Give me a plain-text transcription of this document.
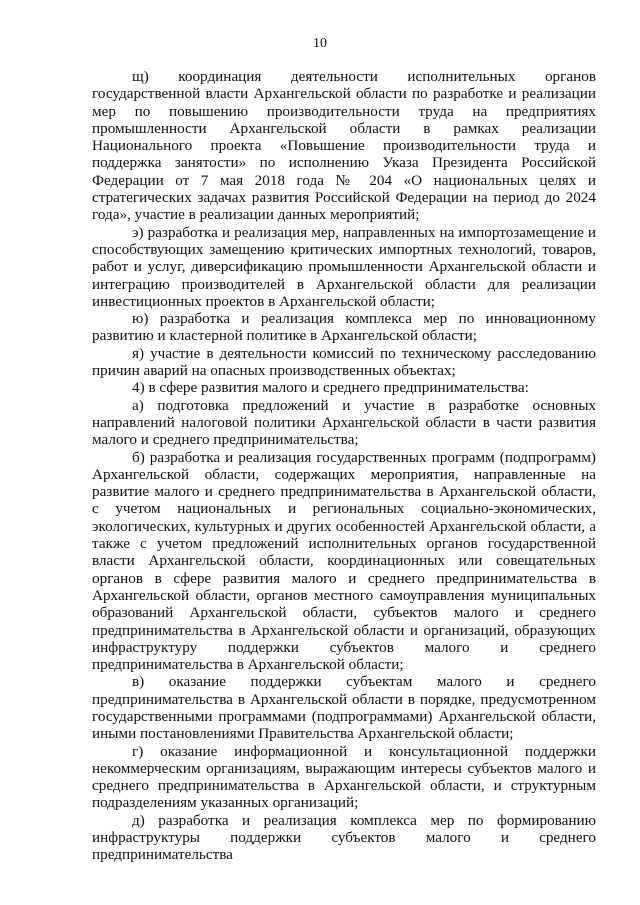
10

щ) координация деятельности исполнительных органов государственной власти Архангельской области по разработке и реализации мер по повышению производительности труда на предприятиях промышленности Архангельской области в рамках реализации Национального проекта «Повышение производительности труда и поддержка занятости» по исполнению Указа Президента Российской Федерации от 7 мая 2018 года № 204 «О национальных целях и стратегических задачах развития Российской Федерации на период до 2024 года», участие в реализации данных мероприятий;

э) разработка и реализация мер, направленных на импортозамещение и способствующих замещению критических импортных технологий, товаров, работ и услуг, диверсификацию промышленности Архангельской области и интеграцию производителей в Архангельской области для реализации инвестиционных проектов в Архангельской области;

ю) разработка и реализация комплекса мер по инновационному развитию и кластерной политике в Архангельской области;

я) участие в деятельности комиссий по техническому расследованию причин аварий на опасных производственных объектах;

4) в сфере развития малого и среднего предпринимательства:

а) подготовка предложений и участие в разработке основных направлений налоговой политики Архангельской области в части развития малого и среднего предпринимательства;

б) разработка и реализация государственных программ (подпрограмм) Архангельской области, содержащих мероприятия, направленные на развитие малого и среднего предпринимательства в Архангельской области, с учетом национальных и региональных социально-экономических, экологических, культурных и других особенностей Архангельской области, а также с учетом предложений исполнительных органов государственной власти Архангельской области, координационных или совещательных органов в сфере развития малого и среднего предпринимательства в Архангельской области, органов местного самоуправления муниципальных образований Архангельской области, субъектов малого и среднего предпринимательства в Архангельской области и организаций, образующих инфраструктуру поддержки субъектов малого и среднего предпринимательства в Архангельской области;

в) оказание поддержки субъектам малого и среднего предпринимательства в Архангельской области в порядке, предусмотренном государственными программами (подпрограммами) Архангельской области, иными постановлениями Правительства Архангельской области;

г) оказание информационной и консультационной поддержки некоммерческим организациям, выражающим интересы субъектов малого и среднего предпринимательства в Архангельской области, и структурным подразделениям указанных организаций;

д) разработка и реализация комплекса мер по формированию инфраструктуры поддержки субъектов малого и среднего предпринимательства
